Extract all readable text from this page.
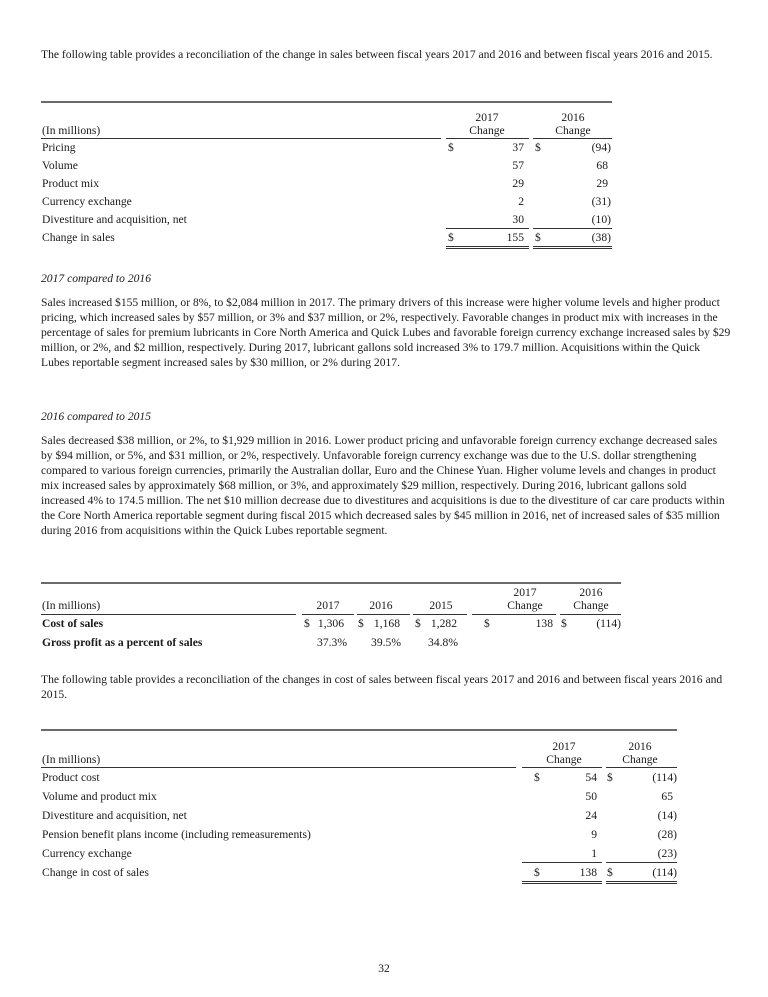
The following table provides a reconciliation of the change in sales between fiscal years 2017 and 2016 and between fiscal years 2016 and 2015.
2017
Change
2016
Change
(In millions)
Pricing	$	37 $	(94)
Volume	57	68
Product mix	29	29
Currency exchange	2	(31)
Divestiture and acquisition, net	30	(10)
Change in sales	$	155 $	(38)
2017 compared to 2016
Sales increased $155 million, or 8%, to $2,084 million in 2017. The primary drivers of this increase were higher volume levels and higher product pricing, which increased sales by $57 million, or 3% and $37 million, or 2%, respectively. Favorable changes in product mix with increases in the percentage of sales for premium lubricants in Core North America and Quick Lubes and favorable foreign currency exchange increased sales by $29 million, or 2%, and $2 million, respectively. During 2017, lubricant gallons sold increased 3% to 179.7 million. Acquisitions within the Quick Lubes reportable segment increased sales by $30 million, or 2% during 2017.
2016 compared to 2015
Sales decreased $38 million, or 2%, to $1,929 million in 2016. Lower product pricing and unfavorable foreign currency exchange decreased sales by $94 million, or 5%, and $31 million, or 2%, respectively. Unfavorable foreign currency exchange was due to the U.S. dollar strengthening compared to various foreign currencies, primarily the Australian dollar, Euro and the Chinese Yuan. Higher volume levels and changes in product mix increased sales by approximately $68 million, or 3%, and approximately $29 million, respectively. During 2016, lubricant gallons sold increased 4% to 174.5 million. The net $10 million decrease due to divestitures and acquisitions is due to the divestiture of car care products within the Core North America reportable segment during fiscal 2015 which decreased sales by $45 million in 2016, net of increased sales of $35 million during 2016 from acquisitions within the Quick Lubes reportable segment.
(In millions)	2017	2016	2015
2017
Change
2016
Change
Cost of sales	$ 1,306 $ 1,168 $ 1,282 $	138 $	(114)
Gross profit as a percent of sales	37.3%	39.5%	34.8%
The following table provides a reconciliation of the changes in cost of sales between fiscal years 2017 and 2016 and between fiscal years 2016 and 2015.
2017
Change
2016
Change
(In millions)
Product cost	$	54 $	(114)
Volume and product mix	50	65
Divestiture and acquisition, net	24	(14)
Pension benefit plans income (including remeasurements)	9	(28)
Currency exchange	1	(23)
Change in cost of sales	$	138 $	(114)
32
